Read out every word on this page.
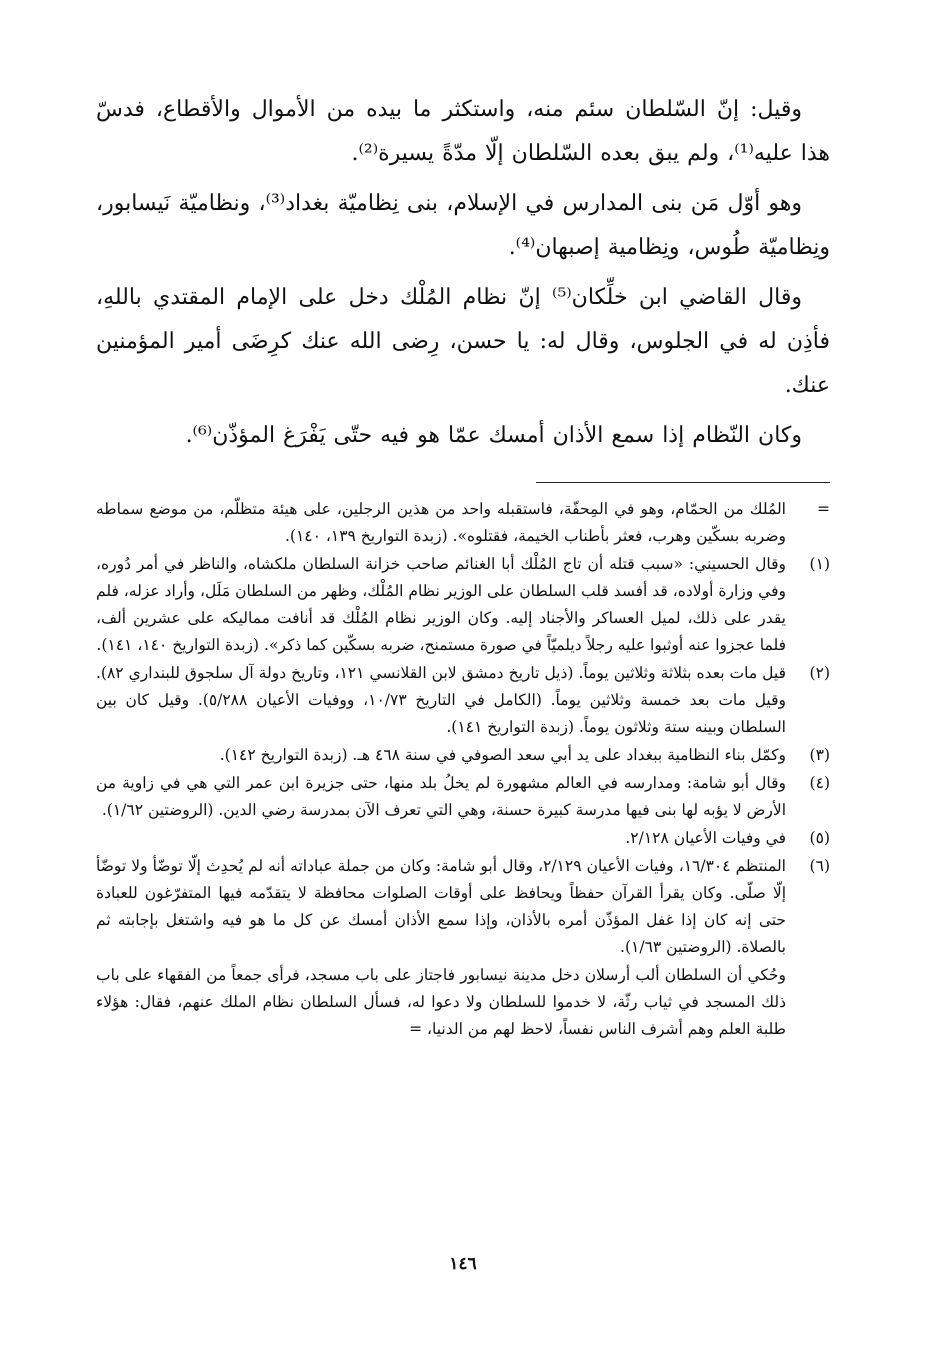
وقيل: إنّ السّلطان سئم منه، واستكثر ما بيده من الأموال والأقطاع، فدسّ هذا عليه⁽¹⁾، ولم يبق بعده السّلطان إلّا مدّةً يسيرة⁽²⁾.

وهو أوّل مَن بنى المدارس في الإسلام، بنى نِظاميّة بغداد⁽³⁾، ونظاميّة نَيسابور، ونِظاميّة طُوس، ونِظامية إصبهان⁽⁴⁾.

وقال القاضي ابن خلِّكان⁽⁵⁾ إنّ نظام المُلْك دخل على الإمام المقتدي باللهِ، فأذِن له في الجلوس، وقال له: يا حسن، رِضى الله عنك كرِضَى أمير المؤمنين عنك.

وكان النّظام إذا سمع الأذان أمسك عمّا هو فيه حتّى يَفْرَغ المؤذّن⁽⁶⁾.

=

المُلك من الحمّام، وهو في المِحفّة، فاستقبله واحد من هذين الرجلين، على هيئة متظلّم، من موضع سماطه وضربه بسكّين وهرب، فعثر بأطناب الخيمة، فقتلوه». (زبدة التواريخ ١٣٩، ١٤٠).

(١)

وقال الحسيني: «سبب قتله أن تاج المُلْك أبا الغنائم صاحب خزانة السلطان ملكشاه، والناظر في أمر دُوره، وفي وزارة أولاده، قد أفسد قلب السلطان على الوزير نظام المُلْك، وظهر من السلطان مَلَل، وأراد عزله، فلم يقدر على ذلك، لميل العساكر والأجناد إليه. وكان الوزير نظام المُلْك قد أنافت مماليكه على عشرين ألف، فلما عجزوا عنه أوثبوا عليه رجلاً ديلميّاً في صورة مستمنح، ضربه بسكّين كما ذكر». (زبدة التواريخ ١٤٠، ١٤١).

(٢)

قيل مات بعده بثلاثة وثلاثين يوماً. (ذيل تاريخ دمشق لابن القلانسي ١٢١، وتاريخ دولة آل سلجوق للبنداري ٨٢). وقيل مات بعد خمسة وثلاثين يوماً. (الكامل في التاريخ ١٠/٧٣، ووفيات الأعيان ٥/٢٨٨). وقيل كان بين السلطان وبينه ستة وثلاثون يوماً. (زبدة التواريخ ١٤١).

(٣)

وكمّل بناء النظامية ببغداد على يد أبي سعد الصوفي في سنة ٤٦٨ هـ. (زبدة التواريخ ١٤٢).

(٤)

وقال أبو شامة: ومدارسه في العالم مشهورة لم يخلُ بلد منها، حتى جزيرة ابن عمر التي هي في زاوية من الأرض لا يؤبه لها بنى فيها مدرسة كبيرة حسنة، وهي التي تعرف الآن بمدرسة رضي الدين. (الروضتين ١/٦٢).

(٥)

في وفيات الأعيان ٢/١٢٨.

(٦)

المنتظم ١٦/٣٠٤، وفيات الأعيان ٢/١٢٩، وقال أبو شامة: وكان من جملة عباداته أنه لم يُحدِث إلّا توضّأ ولا توضّأ إلّا صلّى. وكان يقرأ القرآن حفظاً ويحافظ على أوقات الصلوات محافظة لا يتقدّمه فيها المتفرّغون للعبادة حتى إنه كان إذا غفل المؤذّن أمره بالأذان، وإذا سمع الأذان أمسك عن كل ما هو فيه واشتغل بإجابته ثم بالصلاة. (الروضتين ١/٦٣).

وحُكي أن السلطان ألب أرسلان دخل مدينة نيسابور فاجتاز على باب مسجد، فرأى جمعاً من الفقهاء على باب ذلك المسجد في ثياب رثّة، لا خدموا للسلطان ولا دعوا له، فسأل السلطان نظام الملك عنهم، فقال: هؤلاء طلبة العلم وهم أشرف الناس نفساً، لاحظ لهم من الدنيا، =

١٤٦
